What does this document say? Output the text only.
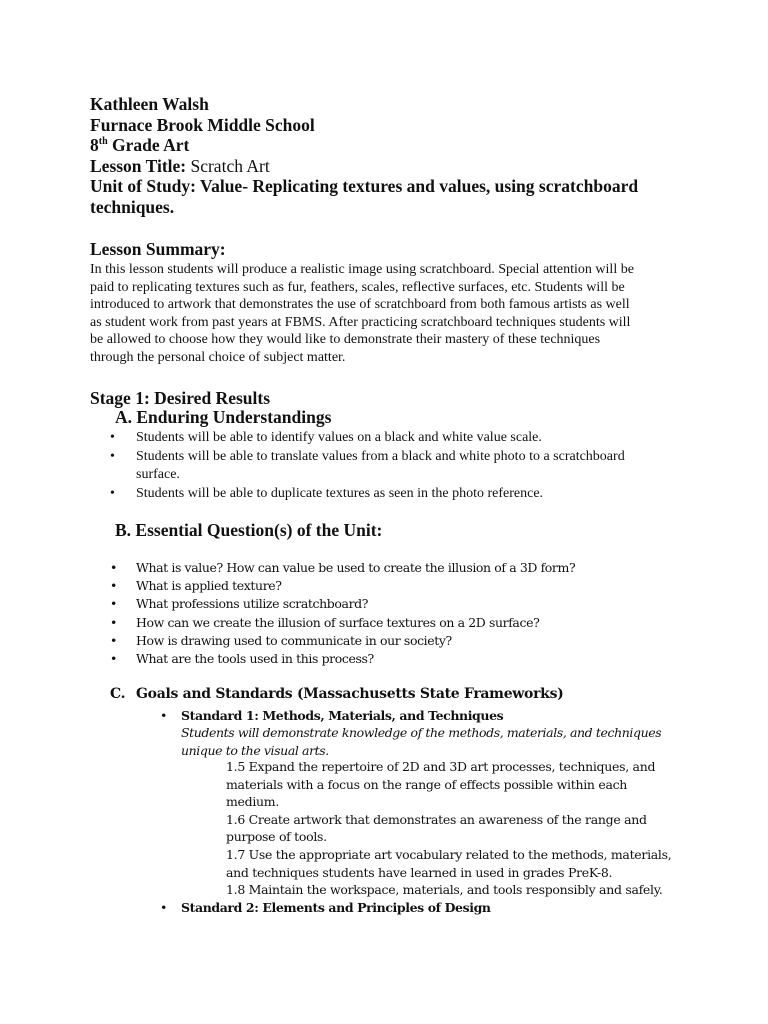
Kathleen Walsh
Furnace Brook Middle School
8th Grade Art
Lesson Title: Scratch Art
Unit of Study: Value- Replicating textures and values, using scratchboard
techniques.
Lesson Summary:
In this lesson students will produce a realistic image using scratchboard. Special attention will be
paid to replicating textures such as fur, feathers, scales, reflective surfaces, etc. Students will be
introduced to artwork that demonstrates the use of scratchboard from both famous artists as well
as student work from past years at FBMS. After practicing scratchboard techniques students will
be allowed to choose how they would like to demonstrate their mastery of these techniques
through the personal choice of subject matter.
Stage 1: Desired Results
A. Enduring Understandings
• Students will be able to identify values on a black and white value scale.
• Students will be able to translate values from a black and white photo to a scratchboard
surface.
• Students will be able to duplicate textures as seen in the photo reference.
B. Essential Question(s) of the Unit:
• What is value? How can value be used to create the illusion of a 3D form?
• What is applied texture?
• What professions utilize scratchboard?
• How can we create the illusion of surface textures on a 2D surface?
• How is drawing used to communicate in our society?
• What are the tools used in this process?
C. Goals and Standards (Massachusetts State Frameworks)
• Standard 1: Methods, Materials, and Techniques
Students will demonstrate knowledge of the methods, materials, and techniques unique to the visual arts.
1.5 Expand the repertoire of 2D and 3D art processes, techniques, and
materials with a focus on the range of effects possible within each
medium.
1.6 Create artwork that demonstrates an awareness of the range and
purpose of tools.
1.7 Use the appropriate art vocabulary related to the methods, materials,
and techniques students have learned in used in grades PreK-8.
1.8 Maintain the workspace, materials, and tools responsibly and safely.
• Standard 2: Elements and Principles of Design
